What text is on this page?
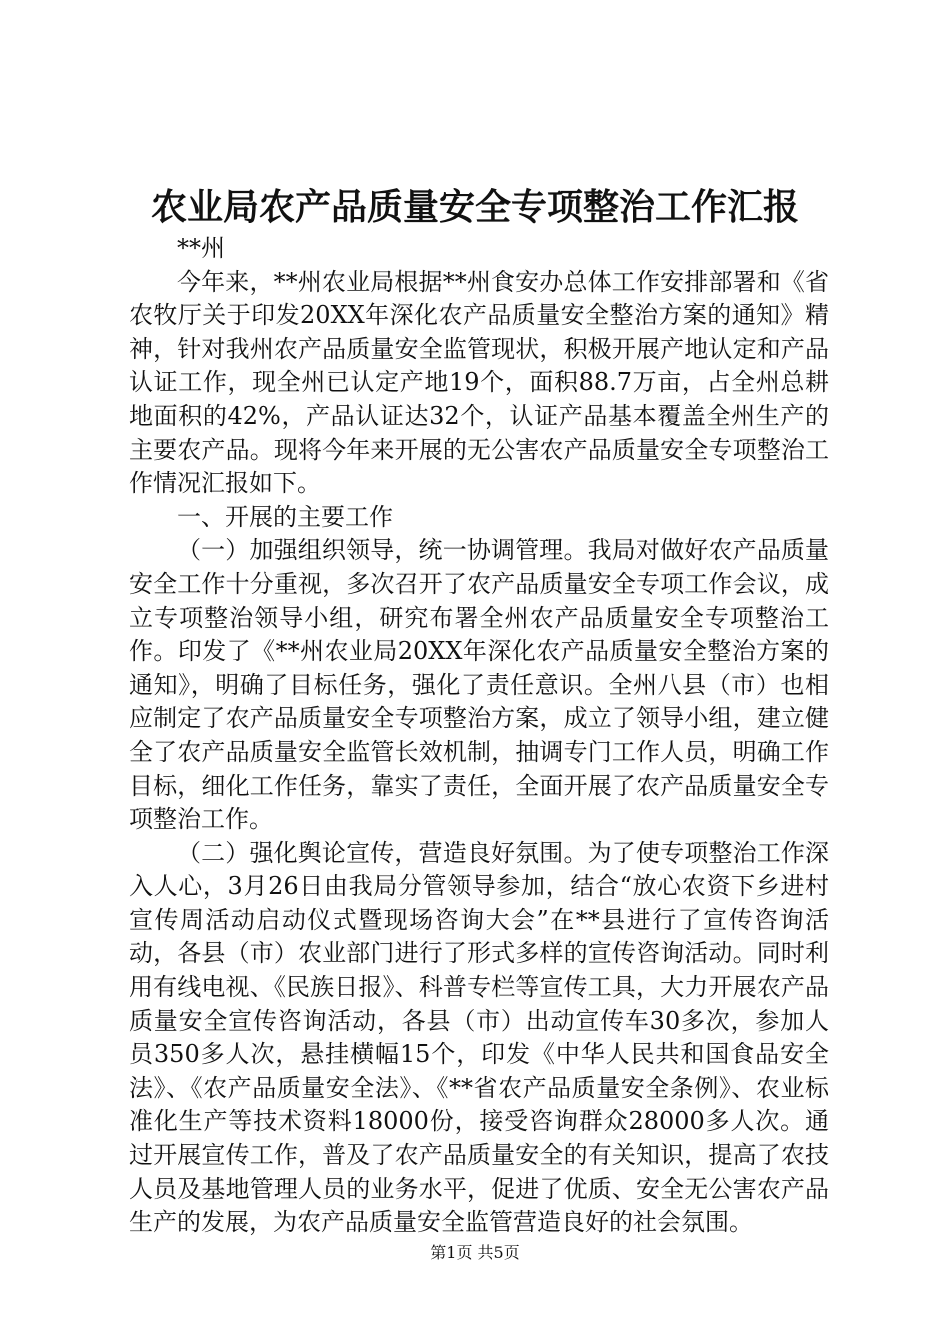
农业局农产品质量安全专项整治工作汇报

**州

今年来，**州农业局根据**州食安办总体工作安排部署和《省农牧厅关于印发20XX年深化农产品质量安全整治方案的通知》精神，针对我州农产品质量安全监管现状，积极开展产地认定和产品认证工作，现全州已认定产地19个，面积88.7万亩，占全州总耕地面积的42%，产品认证达32个，认证产品基本覆盖全州生产的主要农产品。现将今年来开展的无公害农产品质量安全专项整治工作情况汇报如下。

一、开展的主要工作

（一）加强组织领导，统一协调管理。我局对做好农产品质量安全工作十分重视，多次召开了农产品质量安全专项工作会议，成立专项整治领导小组，研究布署全州农产品质量安全专项整治工作。印发了《**州农业局20XX年深化农产品质量安全整治方案的通知》，明确了目标任务，强化了责任意识。全州八县（市）也相应制定了农产品质量安全专项整治方案，成立了领导小组，建立健全了农产品质量安全监管长效机制，抽调专门工作人员，明确工作目标，细化工作任务，靠实了责任，全面开展了农产品质量安全专项整治工作。

（二）强化舆论宣传，营造良好氛围。为了使专项整治工作深入人心，3月26日由我局分管领导参加，结合“放心农资下乡进村宣传周活动启动仪式暨现场咨询大会”在**县进行了宣传咨询活动，各县（市）农业部门进行了形式多样的宣传咨询活动。同时利用有线电视、《民族日报》、科普专栏等宣传工具，大力开展农产品质量安全宣传咨询活动，各县（市）出动宣传车30多次，参加人员350多人次，悬挂横幅15个，印发《中华人民共和国食品安全法》、《农产品质量安全法》、《**省农产品质量安全条例》、农业标准化生产等技术资料18000份，接受咨询群众28000多人次。通过开展宣传工作，普及了农产品质量安全的有关知识，提高了农技人员及基地管理人员的业务水平，促进了优质、安全无公害农产品生产的发展，为农产品质量安全监管营造良好的社会氛围。

第1页 共5页
